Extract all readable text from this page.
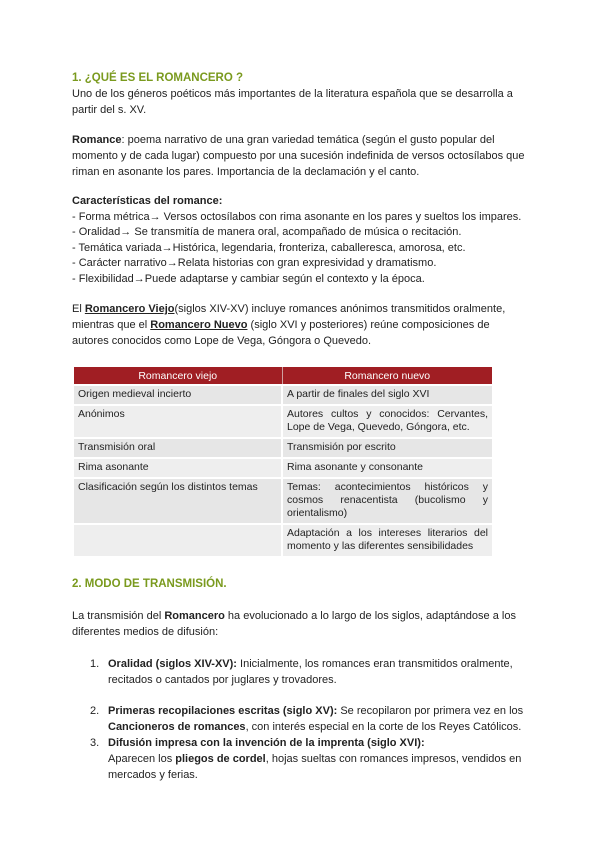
1. ¿QUÉ ES EL ROMANCERO ?

Uno de los géneros poéticos más importantes de la literatura española que se desarrolla a partir del s. XV.

Romance: poema narrativo de una gran variedad temática (según el gusto popular del momento y de cada lugar) compuesto por una sucesión indefinida de versos octosílabos que riman en asonante los pares. Importancia de la declamación y el canto.

Características del romance:

- Forma métrica→ Versos octosílabos con rima asonante en los pares y sueltos los impares.

- Oralidad→ Se transmitía de manera oral, acompañado de música o recitación.

- Temática variada→Histórica, legendaria, fronteriza, caballeresca, amorosa, etc.

- Carácter narrativo→Relata historias con gran expresividad y dramatismo.

- Flexibilidad→Puede adaptarse y cambiar según el contexto y la época.

El Romancero Viejo(siglos XIV-XV) incluye romances anónimos transmitidos oralmente, mientras que el Romancero Nuevo (siglo XVI y posteriores) reúne composiciones de autores conocidos como Lope de Vega, Góngora o Quevedo.

Romancero viejo	Romancero nuevo
Origen medieval incierto	A partir de finales del siglo XVI
Anónimos	Autores cultos y conocidos: Cervantes, Lope de Vega, Quevedo, Góngora, etc.
Transmisión oral	Transmisión por escrito
Rima asonante	Rima asonante y consonante
Clasificación según los distintos temas	Temas: acontecimientos históricos y cosmos renacentista (bucolismo y orientalismo)
	Adaptación a los intereses literarios del momento y las diferentes sensibilidades
2. MODO DE TRANSMISIÓN.

La transmisión del Romancero ha evolucionado a lo largo de los siglos, adaptándose a los diferentes medios de difusión:

1. Oralidad (siglos XIV-XV): Inicialmente, los romances eran transmitidos oralmente, recitados o cantados por juglares y trovadores.
2. Primeras recopilaciones escritas (siglo XV): Se recopilaron por primera vez en los Cancioneros de romances, con interés especial en la corte de los Reyes Católicos.
3. Difusión impresa con la invención de la imprenta (siglo XVI):
Aparecen los pliegos de cordel, hojas sueltas con romances impresos, vendidos en mercados y ferias.
